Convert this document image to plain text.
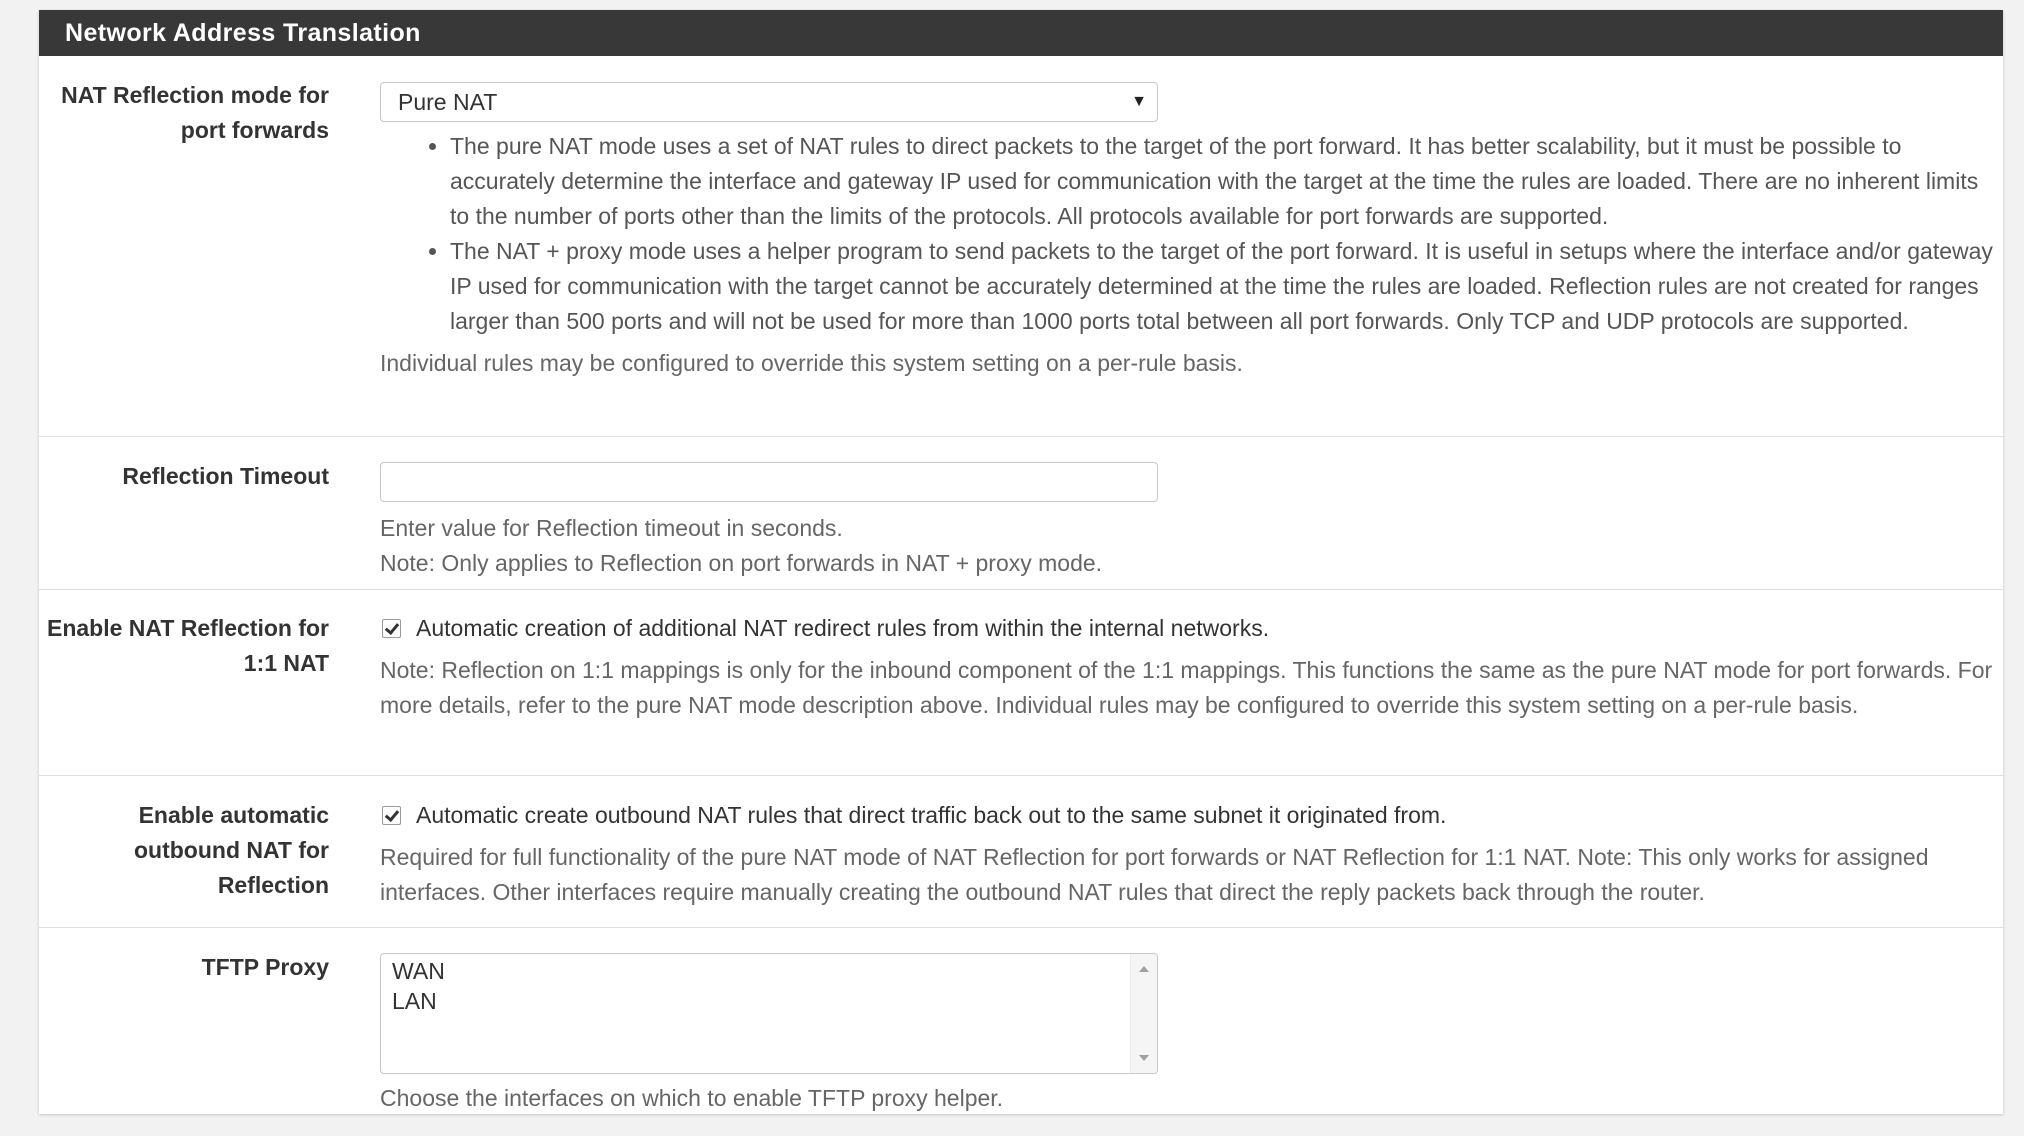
Network Address Translation
NAT Reflection mode for
port forwards
Pure NAT	▼
• The pure NAT mode uses a set of NAT rules to direct packets to the target of the port forward. It has better scalability, but it must be possible to accurately determine the interface and gateway IP used for communication with the target at the time the rules are loaded. There are no inherent limits to the number of ports other than the limits of the protocols. All protocols available for port forwards are supported.
• The NAT + proxy mode uses a helper program to send packets to the target of the port forward. It is useful in setups where the interface and/or gateway IP used for communication with the target cannot be accurately determined at the time the rules are loaded. Reflection rules are not created for ranges larger than 500 ports and will not be used for more than 1000 ports total between all port forwards. Only TCP and UDP protocols are supported.

Individual rules may be configured to override this system setting on a per-rule basis.

Reflection Timeout
Enter value for Reflection timeout in seconds.
Note: Only applies to Reflection on port forwards in NAT + proxy mode.
Enable NAT Reflection for
1:1 NAT
Automatic creation of additional NAT redirect rules from within the internal networks.

Note: Reflection on 1:1 mappings is only for the inbound component of the 1:1 mappings. This functions the same as the pure NAT mode for port forwards. For more details, refer to the pure NAT mode description above. Individual rules may be configured to override this system setting on a per-rule basis.

Enable automatic
outbound NAT for
Reflection
Automatic create outbound NAT rules that direct traffic back out to the same subnet it originated from.

Required for full functionality of the pure NAT mode of NAT Reflection for port forwards or NAT Reflection for 1:1 NAT. Note: This only works for assigned interfaces. Other interfaces require manually creating the outbound NAT rules that direct the reply packets back through the router.

TFTP Proxy	WAN
LAN

Choose the interfaces on which to enable TFTP proxy helper.
